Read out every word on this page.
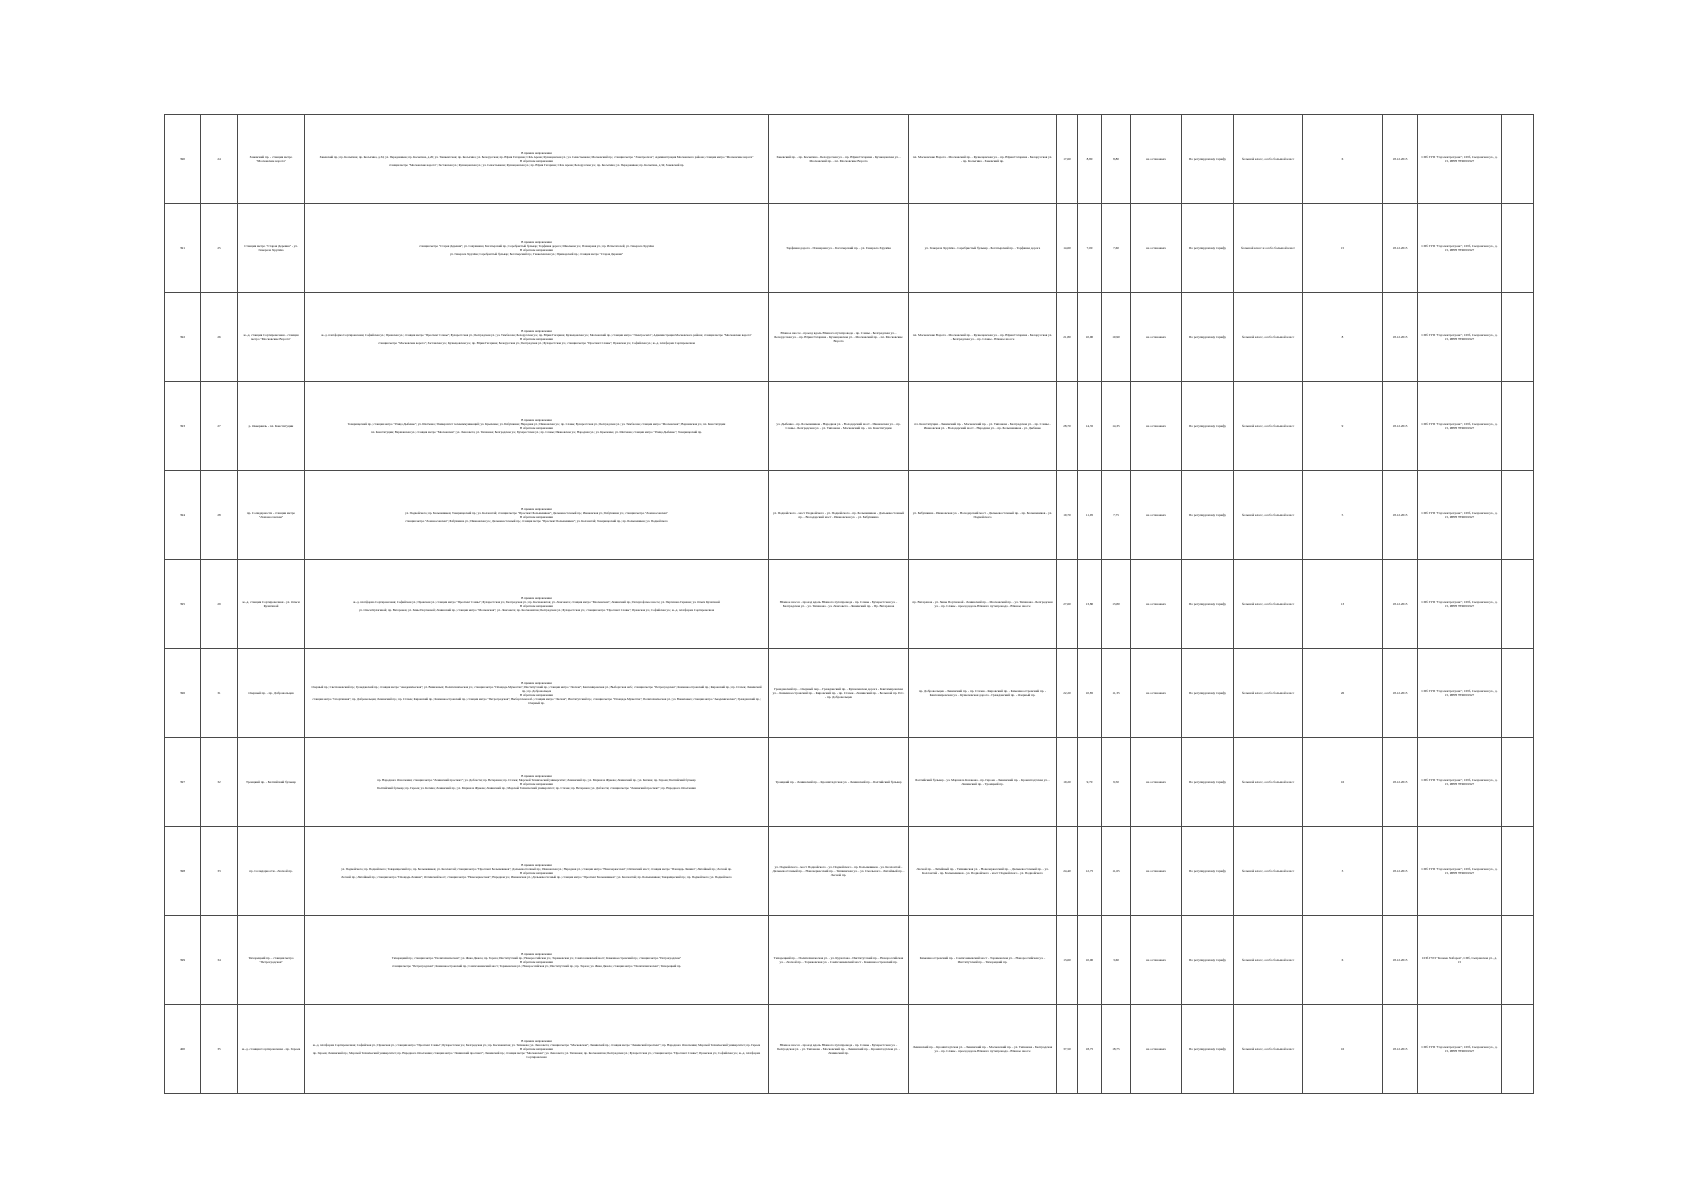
390	24	Заневский пр. - станция метро "Московские ворота"	В прямом направлении
Заневский пр.; пр. Косыгина; пр. Косыгина, д.34; ул. Передовиков; пр. Косыгина, д.26; ул. Ташкентская; пр. Косыгина; ул. Белорусская; пр. Юрия Гагарина; СКА Арена; Кузнецовская ул.; ул. Севастьянова; Московский пр.; станция метро "Электросила"; Администрация Московского района; станция метро "Московские ворота"
В обратном направлении
станция метро "Московские ворота"; Заставская ул.; Кузнецовская ул.; ул. Севастьянова; Кузнецовская ул.; пр. Юрия Гагарина; СКА Арена; Белорусская ул.; пр. Косыгина; ул. Передовиков; пр. Косыгина, д.34; Заневский пр.	Заневский пр. - пр. Косыгина - Белорусская ул. - пр. Юрия Гагарина - Кузнецовская ул. - Московский пр. - пл. Московские Ворота	пл. Московские Ворота - Московский пр. - Кузнецовская ул. - пр. Юрия Гагарина - Белорусская ул. - пр. Косыгина - Заневский пр.	17,60	8,80	8,80	на остановках	По регулируемому тарифу	большой класс, особо большой класс	6	18.12.2015	СПб ГУП "Горэлектротранс", СПб, Сызранская ул., д. 15, ИНН 7830001927	
391	25	Станция метро "Старая Деревня" - ул. Генерала Хрулёва	В прямом направлении
станция метро "Старая Деревня"; ул. Савушкина; Богатырский пр.; Серебристый бульвар; Торфяная дорога; Школьная ул.; Планерная ул.; пр. Испытателей; ул. Генерала Хрулёва
В обратном направлении
ул. Генерала Хрулёва; Серебристый бульвар; Богатырский пр.; Гаккелевская ул.; Приморский пр.; станция метро "Старая Деревня"	Торфяная дорога - Планерная ул. - Богатырский пр. - ул. Генерала Хрулёва	ул. Генерала Хрулёва - Серебристый бульвар - Богатырский пр. - Торфяная дорога	14,60	7,00	7,60	на остановках	По регулируемому тарифу	большой класс и особо большой класс	15	18.12.2015	СПб ГУП "Горэлектротранс", СПб, Сызранская ул., д. 15, ИНН 7830001927	
392	26	ж.-д. станция Сортировочная - станция метро "Московские Ворота"	В прямом направлении
ж.-д. платформа Сортировочная; Софийская ул.; Пражская ул.; станция метро "Проспект Славы"; Бухарестская ул.; Белградская ул.; ул. Тамбасова; Белорусская ул.; пр. Юрия Гагарина; Кузнецовская ул.; Московский пр.; станция метро "Электросила"; Администрация Московского района; станция метро "Московские ворота"
В обратном направлении
станция метро "Московские ворота"; Заставская ул.; Кузнецовская ул.; пр. Юрия Гагарина; Белорусская ул.; Белградская ул.; Бухарестская ул.; станция метро "Проспект Славы"; Пражская ул.; Софийская ул.; ж.-д. платформа Сортировочная	Южное шоссе - проезд вдоль Южного путепровода - пр. Славы - Белградская ул. - Белорусская ул. - пр. Юрия Гагарина - Кузнецовская ул. - Московский пр. - пл. Московские Ворота	пл. Московские Ворота - Московский пр. - Кузнецовская ул. - пр. Юрия Гагарина - Белорусская ул. - Белградская ул. - пр. Славы - Южное шоссе	21,80	10,90	10,90	на остановках	По регулируемому тарифу	большой класс, особо большой класс	8	18.12.2015	СПб ГУП "Горэлектротранс", СПб, Сызранская ул., д. 15, ИНН 7830001927	
393	27	р. Оккервиль - пл. Конституции	В прямом направлении
Товарищеский пр.; станция метро "Улица Дыбенко"; ул. Шотмана; Университет телекоммуникаций; ул. Крыленко; ул. Бабушкина; Народная ул.; Ивановская ул.; пр. Славы; Бухарестская ул.; Белградская ул.; ул. Тамбасова; станция метро "Московская"; Варшавская ул.; пл. Конституции
В обратном направлении
пл. Конституции; Варшавская ул.; станция метро "Московская"; ул. Ленсовета; ул. Типанова; Белградская ул.; Бухарестская ул.; пр. Славы; Ивановская ул.; Народная ул.; ул. Крыленко; ул. Шотмана; станция метро "Улица Дыбенко"; Товарищеский пр.	ул. Дыбенко - пр. Большевиков - Народная ул. - Володарский мост - Ивановская ул. - пр. Славы - Белградская ул. - ул. Типанова - Московский пр. - пл. Конституции	пл. Конституции - Ленинский пр. - Московский пр. - ул. Типанова - Белградская ул. - пр. Славы - Ивановская ул. - Володарский мост - Народная ул. - пр. Большевиков - ул. Дыбенко	28,70	14,35	14,35	на остановках	По регулируемому тарифу	большой класс, особо большой класс	9	18.12.2015	СПб ГУП "Горэлектротранс", СПб, Сызранская ул., д. 15, ИНН 7830001927	
394	28	пр. Солидарности - станция метро "Ломоносовская"	В прямом направлении
ул. Подвойского; пр. Большевиков; Товарищеский пр.; ул. Коллонтай; станция метро "Проспект Большевиков"; Дальневосточный пр.; Ивановская ул.; Бабушкина ул.; станция метро "Ломоносовская"
В обратном направлении
станция метро "Ломоносовская"; Бабушкина ул.; Ивановская ул.; Дальневосточный пр.; станция метро "Проспект Большевиков"; ул. Коллонтай; Товарищеский пр.; пр. Большевиков; ул. Подвойского	ул. Подвойского - мост Подвойского - ул. Подвойского - пр. Большевиков - Дальневосточный пр. - Володарский мост - Ивановская ул. - ул. Бабушкина	ул. Бабушкина - Ивановская ул. - Володарский мост - Дальневосточный пр. - пр. Большевиков - ул. Подвойского	19,70	11,95	7,75	на остановках	По регулируемому тарифу	большой класс, особо большой класс	5	18.12.2015	СПб ГУП "Горэлектротранс", СПб, Сызранская ул., д. 15, ИНН 7830001927	
395	29	ж.-д. станция Сортировочная - ул. Ольги Кулагиной	В прямом направлении
ж.-д. платформа Сортировочная; Софийская ул.; Пражская ул.; станция метро "Проспект Славы"; Бухарестская ул.; Белградская ул.; пр. Космонавтов; ул. Ленсовета; станция метро "Московская"; Ленинский пр.; Петергофское шоссе; ул. Партизана Германа; ул. Ольги Кулагиной
В обратном направлении
ул. Ольги Кулагиной; пр. Ветеранов; ул. Зины Портновой; Ленинский пр.; станция метро "Московская"; ул. Ленсовета; пр. Космонавтов; Белградская ул.; Бухарестская ул.; станция метро "Проспект Славы"; Пражская ул.; Софийская ул.; ж.-д. платформа Сортировочная	Южное шоссе - проезд вдоль Южного путепровода - пр. Славы - Бухарестская ул. - Белградская ул. - ул. Типанова - ул. Ленсовета - Ленинский пр. - Пр. Ветеранов	пр. Ветеранов - ул. Зины Портновой - Ленинский пр. - Московский пр. - ул. Типанова - Белградская ул. - пр. Славы - проезд вдоль Южного путепровода - Южное шоссе	27,60	13,80	13,80	на остановках	По регулируемому тарифу	большой класс, особо большой класс	13	18.12.2015	СПб ГУП "Горэлектротранс", СПб, Сызранская ул., д. 15, ИНН 7830001927	
396	31	Озерный пр. - пр. Добровольцев	В прямом направлении
Озерный пр.; Светлановский пр.; Гражданский пр.; станция метро "Академическая"; ул. Вавиловых; Политехническая ул.; станция метро "Площадь Мужества"; Институтский пр.; станция метро "Лесная"; Кантемировская ул.; Выборгская наб.; станция метро "Петроградская"; Каменноостровский пр.; Кировский пр.; пр. Стачек; Ленинский пр.; пр. Добровольцев
В обратном направлении
станция метро "Спортивная"; пр. Добровольцев; Ленинский пр.; пр. Стачек; Кировский пр.; Каменноостровский пр.; станция метро "Петроградская"; Выборгская наб.; станция метро "Лесная"; Институтский пр.; станция метро "Площадь Мужества"; Политехническая ул.; ул. Вавиловых; станция метро "Академическая"; Гражданский пр.; Озерный пр.	Гражданский пр. - Озерный пер. - Гражданский пр. - Кушелевская дорога - Кантемировская ул. - Каменноостровский пр. - Кировский пр. - пр. Стачек - Ленинский пр. - Большой пр. П.С. - пр. Добровольцев	пр. Добровольцев - Ленинский пр. - пр. Стачек - Кировский пр. - Каменноостровский пр. - Кантемировская ул. - Кушелевская дорога - Гражданский пр. - Озерный пр.	22,20	10,85	11,35	на остановках	По регулируемому тарифу	большой класс, особо большой класс	26	18.12.2015	СПб ГУП "Горэлектротранс", СПб, Сызранская ул., д. 15, ИНН 7830001927	
397	32	Троицкий пр. - Балтийский бульвар	В прямом направлении
пр. Народного Ополчения; станция метро "Ленинский проспект"; ул. Доблести; пр. Ветеранов; пр. Стачек; Морской Технический университет; Ленинский пр.; ул. Маршала Жукова; Ленинский пр.; ул. Котина; пр. Героев; Балтийский бульвар
В обратном направлении
Балтийский бульвар; пр. Героев; ул. Котина; Ленинский пр.; ул. Маршала Жукова; Ленинский пр.; Морской Технический университет; пр. Стачек; пр. Ветеранов; ул. Доблести; станция метро "Ленинский проспект"; пр. Народного Ополчения	Троицкий пр. - Ленинский пр. - Кронштадтская ул. - Ленинский пр. - Балтийский бульвар	Балтийский бульвар - ул. Маршала Казакова - пр. Героев - Ленинский пр. - Кронштадтская ул. - Ленинский пр. - Троицкий пр.	19,20	9,70	9,50	на остановках	По регулируемому тарифу	большой класс, особо большой класс	16	18.12.2015	СПб ГУП "Горэлектротранс", СПб, Сызранская ул., д. 15, ИНН 7830001927	
398	33	пр. Солидарности - Лесной пр.	В прямом направлении
ул. Подвойского; пр. Подвойского; Товарищеский пр.; пр. Большевиков; ул. Коллонтай; станция метро "Проспект Большевиков"; Дальневосточный пр.; Ивановская ул.; Народная ул.; станция метро "Новочеркасская"; Охтинский мост; станция метро "Площадь Ленина"; Литейный пр.; Лесной пр.
В обратном направлении
Лесной пр.; Литейный пр.; станция метро "Площадь Ленина"; Охтинский мост; станция метро "Новочеркасская"; Народная ул.; Ивановская ул.; Дальневосточный пр.; станция метро "Проспект Большевиков"; ул. Коллонтай; пр. Большевиков; Товарищеский пр.; пр. Подвойского; ул. Подвойского	ул. Подвойского - мост Подвойского - ул. Подвойского - пр. Большевиков - ул. Коллонтай - Дальневосточный пр. - Новочеркасский пр. - Тихвинская ул. - ул. Смольного - Литейный пр. - Лесной пр.	Лесной пр. - Литейный пр. - Тихвинская ул. - Новочеркасский пр. - Дальневосточный пр. - ул. Коллонтай - пр. Большевиков - ул. Подвойского - мост Подвойского - ул. Подвойского	24,40	12,75	11,65	на остановках	По регулируемому тарифу	большой класс, особо большой класс	3	18.12.2015	СПб ГУП "Горэлектротранс", СПб, Сызранская ул., д. 15, ИНН 7830001927	
399	34	Тихорецкий пр. - станция метро "Петроградская"	В прямом направлении
Тихорецкий пр.; станция метро "Политехническая"; ул. Жака Дюкло; пр. Тореза; Институтский пр.; Новороссийская ул.; Торжковская ул.; Сампсониевский мост; Каменноостровский пр.; станция метро "Петроградская"
В обратном направлении
станция метро "Петроградская"; Каменноостровский пр.; Сампсониевский мост; Торжковская ул.; Новороссийская ул.; Институтский пр.; пр. Тореза; ул. Жака Дюкло; станция метро "Политехническая"; Тихорецкий пр.	Тихорецкий пр. - Политехническая ул. - ул. Курчатова - Институтский пр. - Новороссийская ул. - Лесной пр. - Торжковская ул. - Сампсониевский мост - Каменноостровский пр.	Каменноостровский пр. - Сампсониевский мост - Торжковская ул. - Новороссийская ул. - Институтский пр. - Тихорецкий пр.	13,60	10,00	3,60	на остановках	По регулируемому тарифу	большой класс, особо большой класс	6	18.12.2015	СПб ГУП "Козьма Хабаров", СПб, Сызранская ул., д. 15	
400	35	ж.-д. станция Сортировочная - пр. Героев	В прямом направлении
ж.-д. платформа Сортировочная; Софийская ул.; Пражская ул.; станция метро "Проспект Славы"; Бухарестская ул.; Белградская ул.; пр. Космонавтов; ул. Типанова; ул. Ленсовета; станция метро "Московская"; Ленинский пр.; станция метро "Ленинский проспект"; пр. Народного Ополчения; Морской Технический университет; пр. Героев
В обратном направлении
пр. Героев; Ленинский пр.; Морской Технический университет; пр. Народного Ополчения; станция метро "Ленинский проспект"; Ленинский пр.; станция метро "Московская"; ул. Ленсовета; ул. Типанова; пр. Космонавтов; Белградская ул.; Бухарестская ул.; станция метро "Проспект Славы"; Пражская ул.; Софийская ул.; ж.-д. платформа Сортировочная	Южное шоссе - проезд вдоль Южного путепровода - пр. Славы - Бухарестская ул. - Белградская ул. - ул. Типанова - Московский пр. - Ленинский пр. - Кронштадтская ул. - Ленинский пр.	Ленинский пр. - Кронштадтская ул. - Ленинский пр. - Московский пр. - ул. Типанова - Белградская ул. - пр. Славы - проезд вдоль Южного путепровода - Южное шоссе	37,50	18,75	18,75	на остановках	По регулируемому тарифу	большой класс, особо большой класс	16	18.12.2015	СПб ГУП "Горэлектротранс", СПб, Сызранская ул., д. 15, ИНН 7830001927	
